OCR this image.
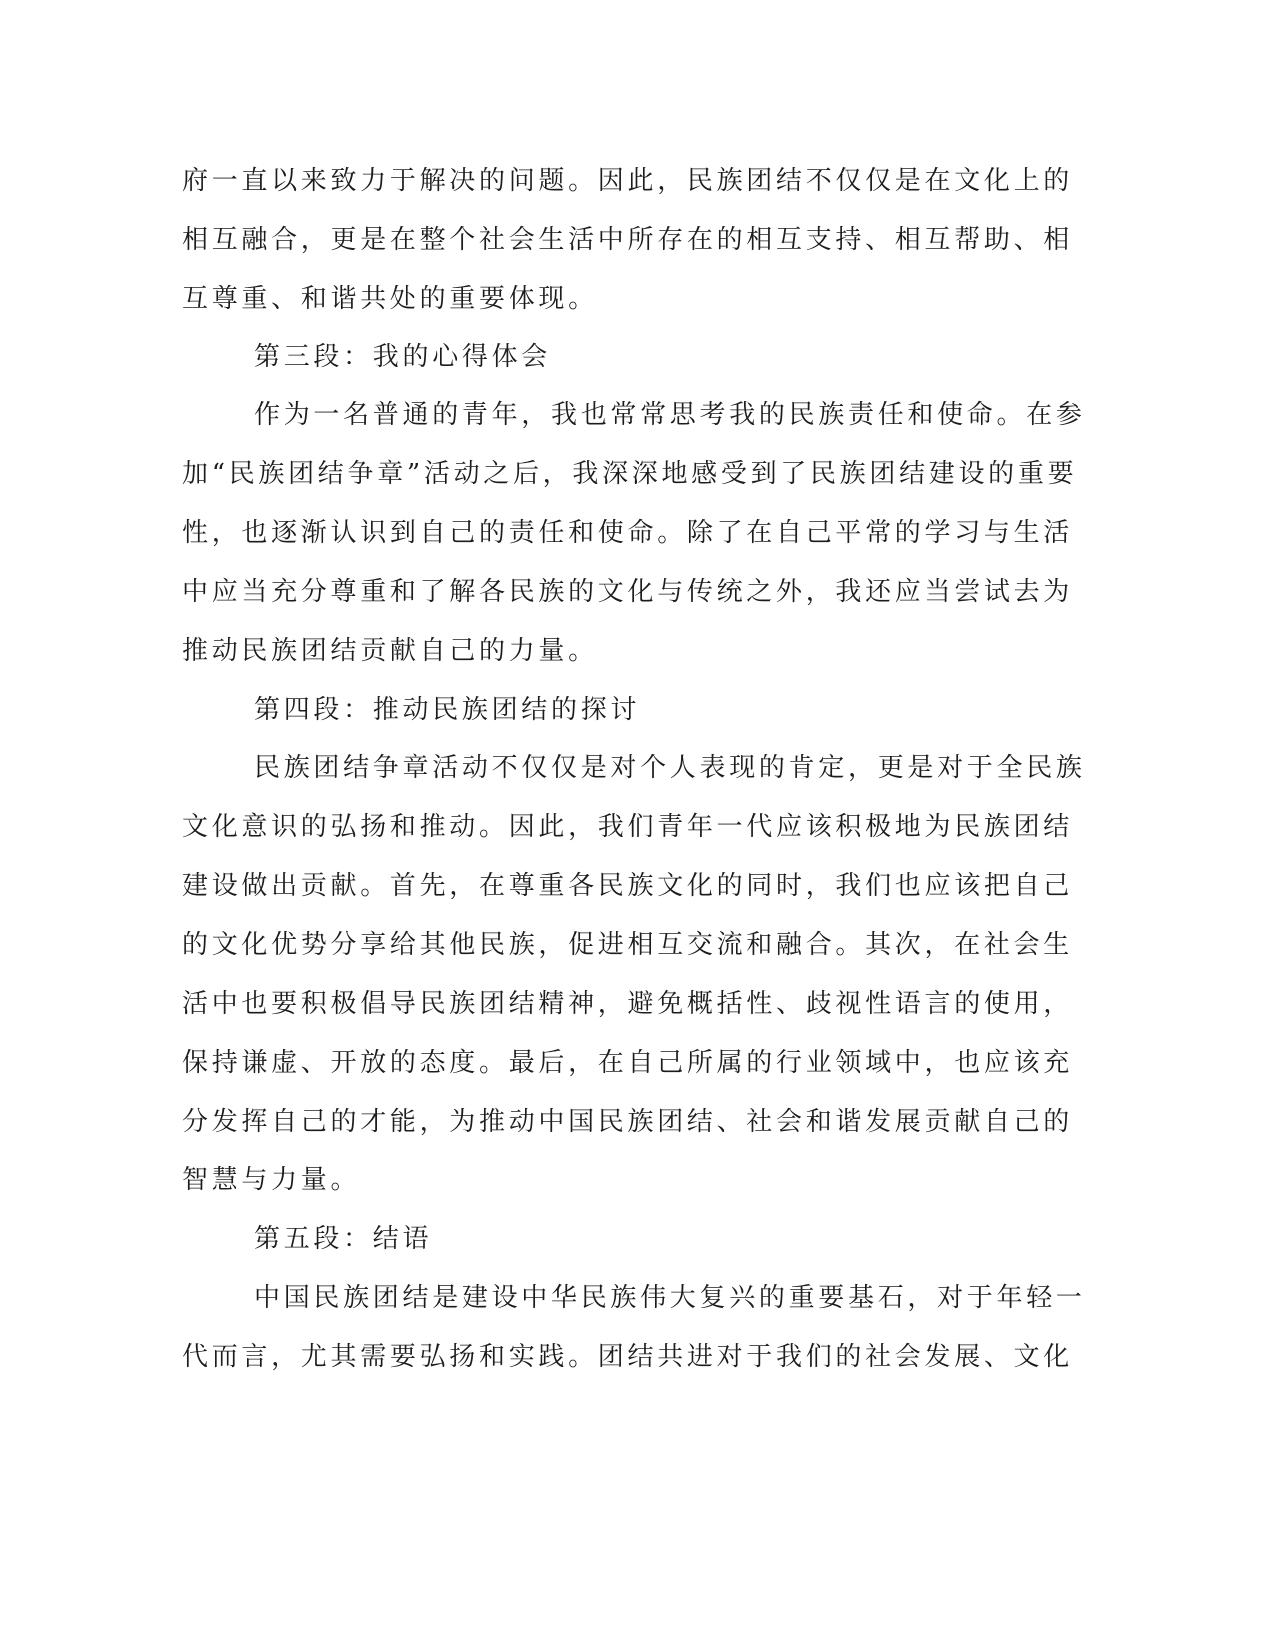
府一直以来致力于解决的问题。因此，民族团结不仅仅是在文化上的

相互融合，更是在整个社会生活中所存在的相互支持、相互帮助、相

互尊重、和谐共处的重要体现。

第三段：我的心得体会

作为一名普通的青年，我也常常思考我的民族责任和使命。在参

加“民族团结争章”活动之后，我深深地感受到了民族团结建设的重要

性，也逐渐认识到自己的责任和使命。除了在自己平常的学习与生活

中应当充分尊重和了解各民族的文化与传统之外，我还应当尝试去为

推动民族团结贡献自己的力量。

第四段：推动民族团结的探讨

民族团结争章活动不仅仅是对个人表现的肯定，更是对于全民族

文化意识的弘扬和推动。因此，我们青年一代应该积极地为民族团结

建设做出贡献。首先，在尊重各民族文化的同时，我们也应该把自己

的文化优势分享给其他民族，促进相互交流和融合。其次，在社会生

活中也要积极倡导民族团结精神，避免概括性、歧视性语言的使用，

保持谦虚、开放的态度。最后，在自己所属的行业领域中，也应该充

分发挥自己的才能，为推动中国民族团结、社会和谐发展贡献自己的

智慧与力量。

第五段：结语

中国民族团结是建设中华民族伟大复兴的重要基石，对于年轻一

代而言，尤其需要弘扬和实践。团结共进对于我们的社会发展、文化
